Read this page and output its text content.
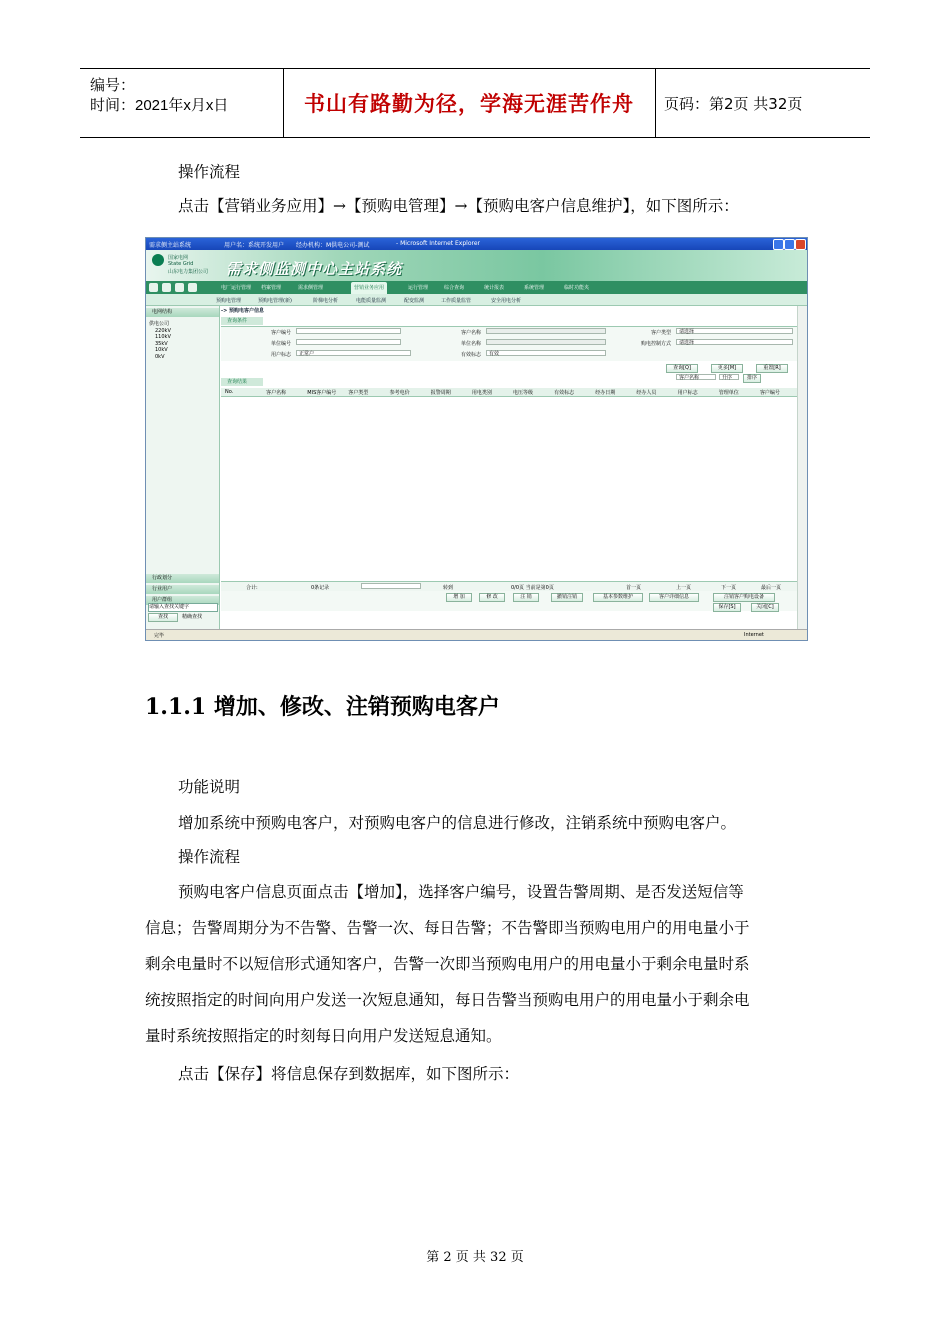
编号：
时间：2021年x月x日	书山有路勤为径，学海无涯苦作舟 页码：第2页 共32页
操作流程
点击【营销业务应用】→【预购电管理】→【预购电客户信息维护】，如下图所示：
需求侧主站系统	用户名：系统开发用户 经办机构：M供电公司-测试	- Microsoft Internet Explorer
国家电网
State Grid
山东电力集团公司 需求侧监测中心主站系统
电厂运行管理 档案管理	需求侧管理	营销业务应用	运行管理	综合查询	统计报表	系统管理	临时功能夹
预购电管理	预购电管理(新)	阶梯电分析	电能质量监测	配变监测	工作质量监管	安全用电分析
电网结构
供电公司
220kV
110kV
35kV
10kV
0kV
行政划分
行业用户
用户群组
请输入查找关键字
查找	精确查找
-> 预购电客户信息
查询条件
客户编号	客户名称	客户类型	请选择
单位编号	单位名称	购电控制方式	请选择
用户标志	正常户	有效标志	有效
查询[Q]	更多[M]	重置[R]
客户名称	升序	排序
查询结果
No.	客户名称	MIS客户编号 客户类型	参考电价	报警周期	用电类别	电压等级	有效标志	经办日期	经办人员	用户标志	管理单位	客户编号
合计:	0条记录	转到	0/0页 当前是第0页	首一页	上一页	下一页	最后一页
增 加	修 改	注 销	撤销注销	基本参数维护	客户详细信息	注销客户购电设备
保存[S]	关闭[C]
完毕	Internet
1.1.1 增加、修改、注销预购电客户
功能说明
增加系统中预购电客户，对预购电客户的信息进行修改，注销系统中预购电客户。
操作流程
预购电客户信息页面点击【增加】，选择客户编号，设置告警周期、是否发送短信等
信息；告警周期分为不告警、告警一次、每日告警；不告警即当预购电用户的用电量小于
剩余电量时不以短信形式通知客户，告警一次即当预购电用户的用电量小于剩余电量时系
统按照指定的时间向用户发送一次短息通知，每日告警当预购电用户的用电量小于剩余电
量时系统按照指定的时刻每日向用户发送短息通知。
点击【保存】将信息保存到数据库，如下图所示：
第 2 页 共 32 页
